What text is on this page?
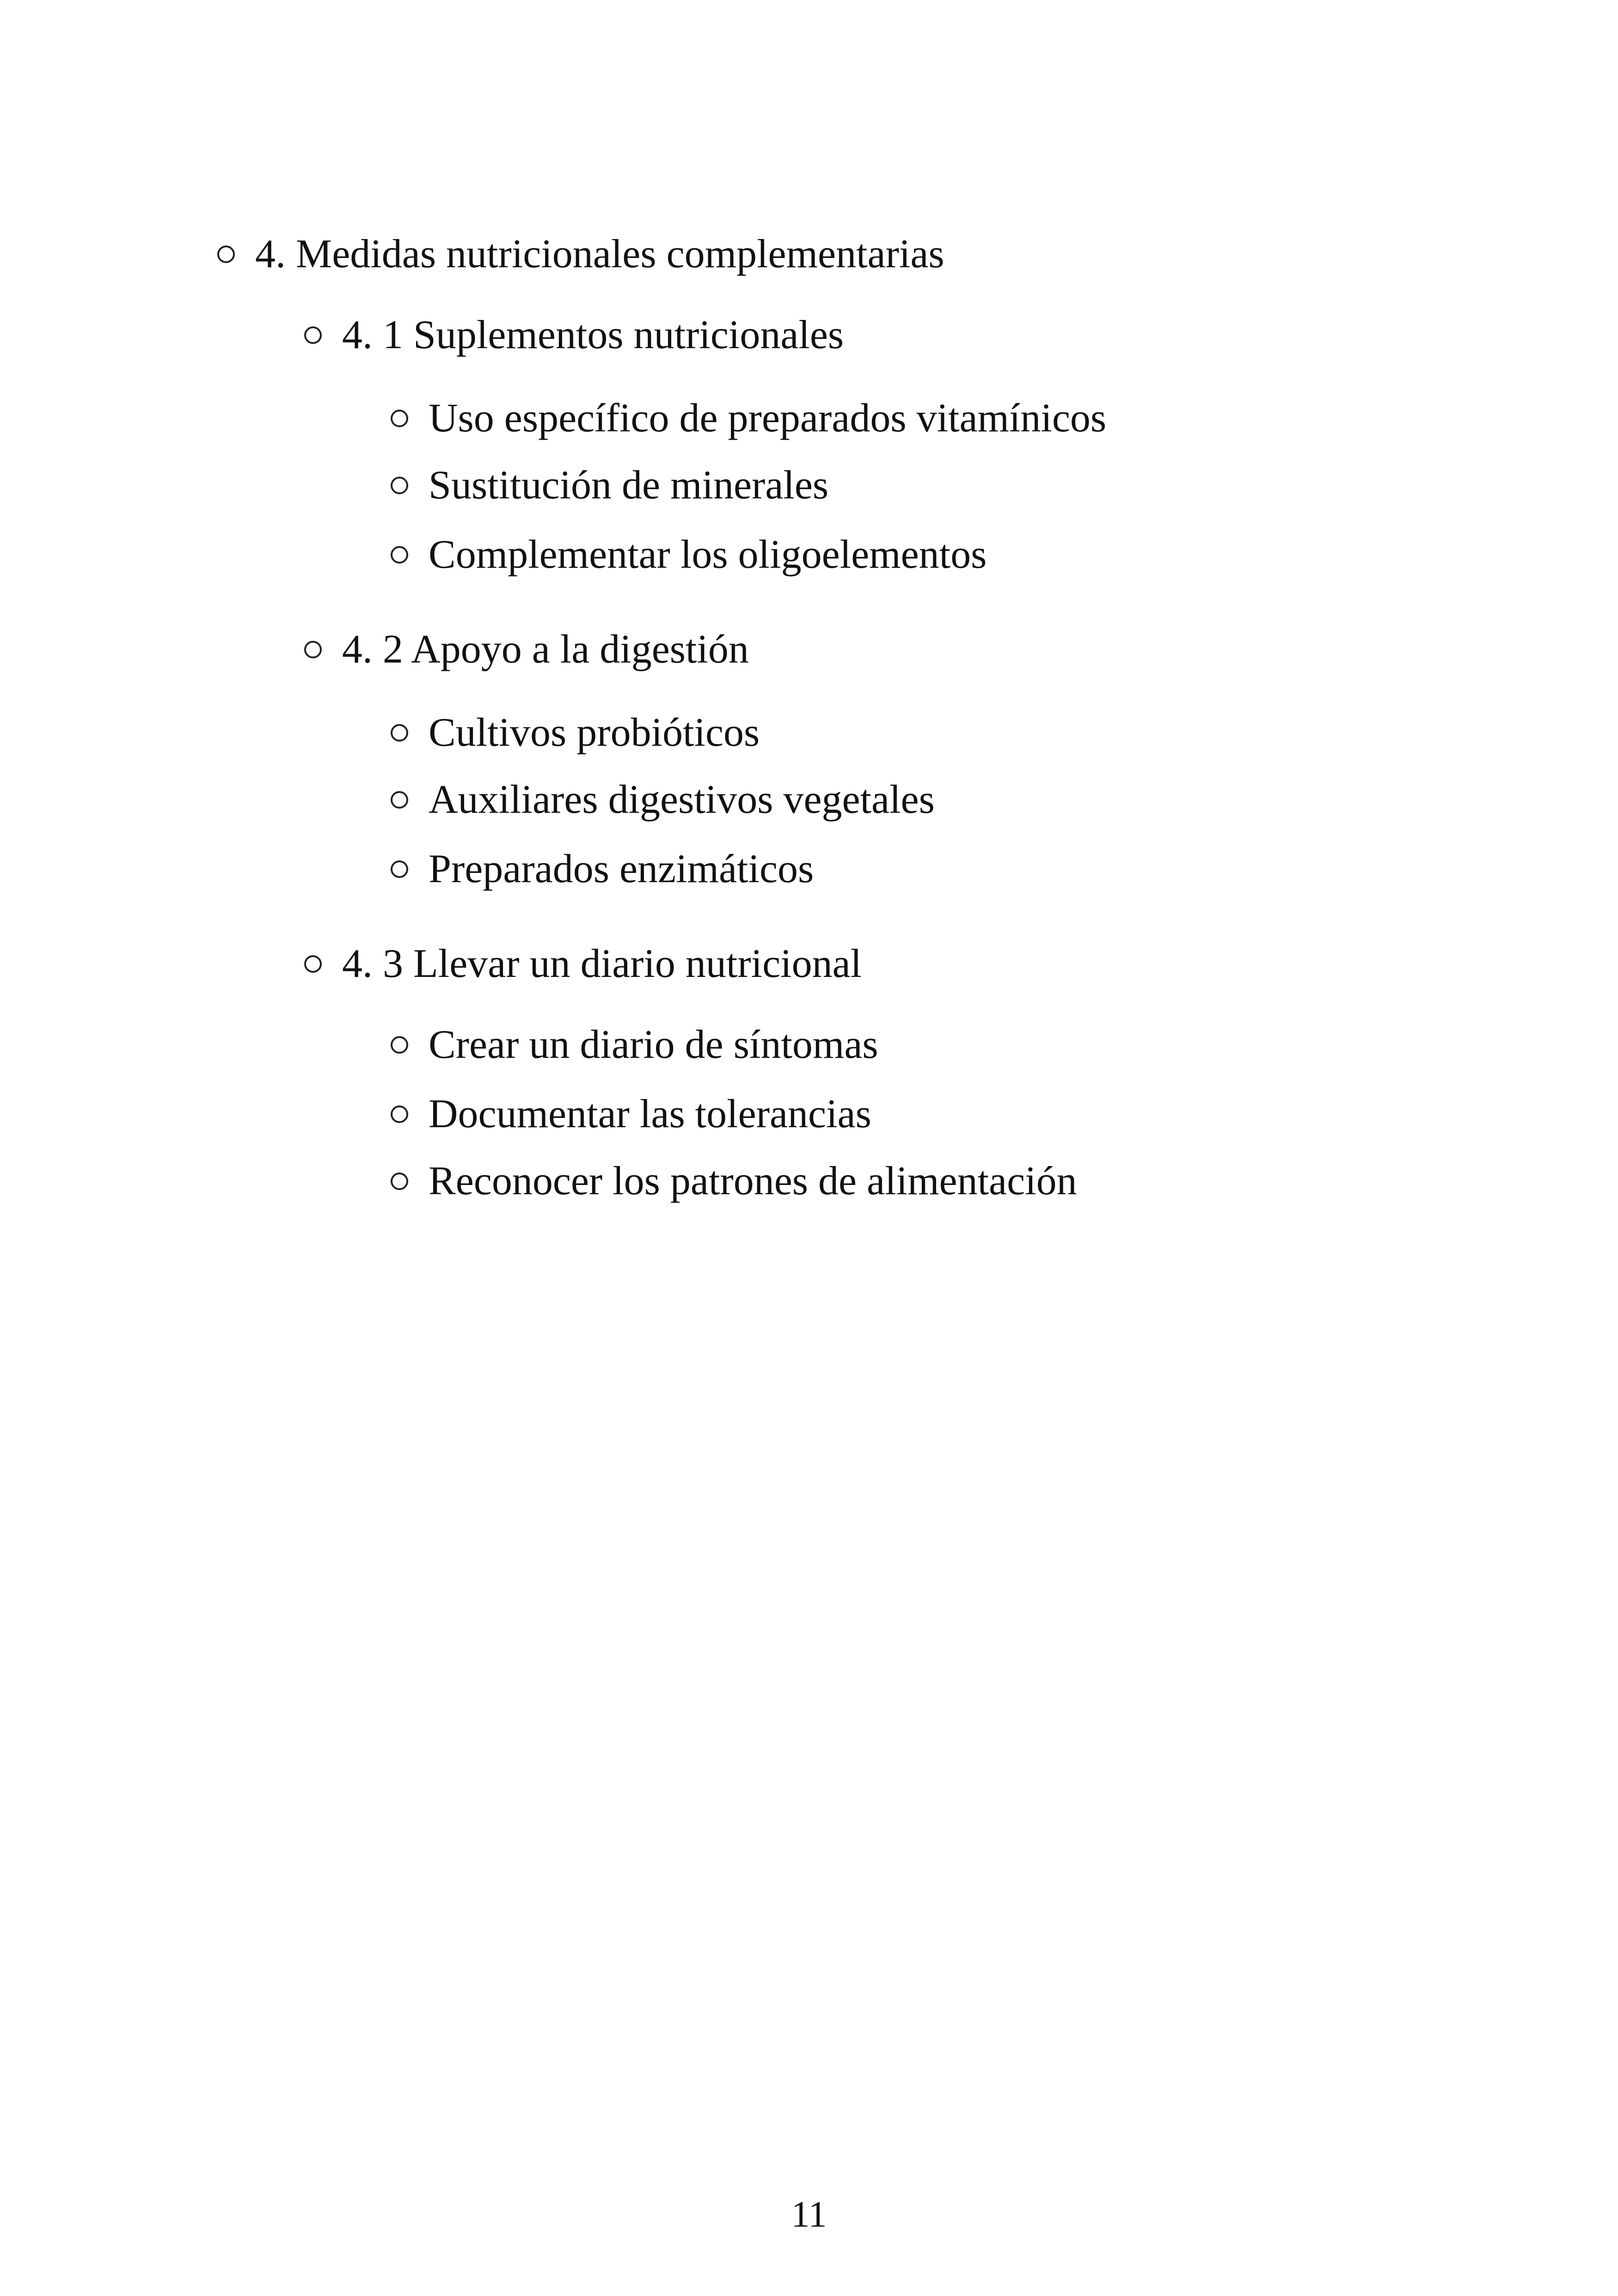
4. Medidas nutricionales complementarias
4. 1 Suplementos nutricionales
Uso específico de preparados vitamínicos
Sustitución de minerales
Complementar los oligoelementos
4. 2 Apoyo a la digestión
Cultivos probióticos
Auxiliares digestivos vegetales
Preparados enzimáticos
4. 3 Llevar un diario nutricional
Crear un diario de síntomas
Documentar las tolerancias
Reconocer los patrones de alimentación
11
